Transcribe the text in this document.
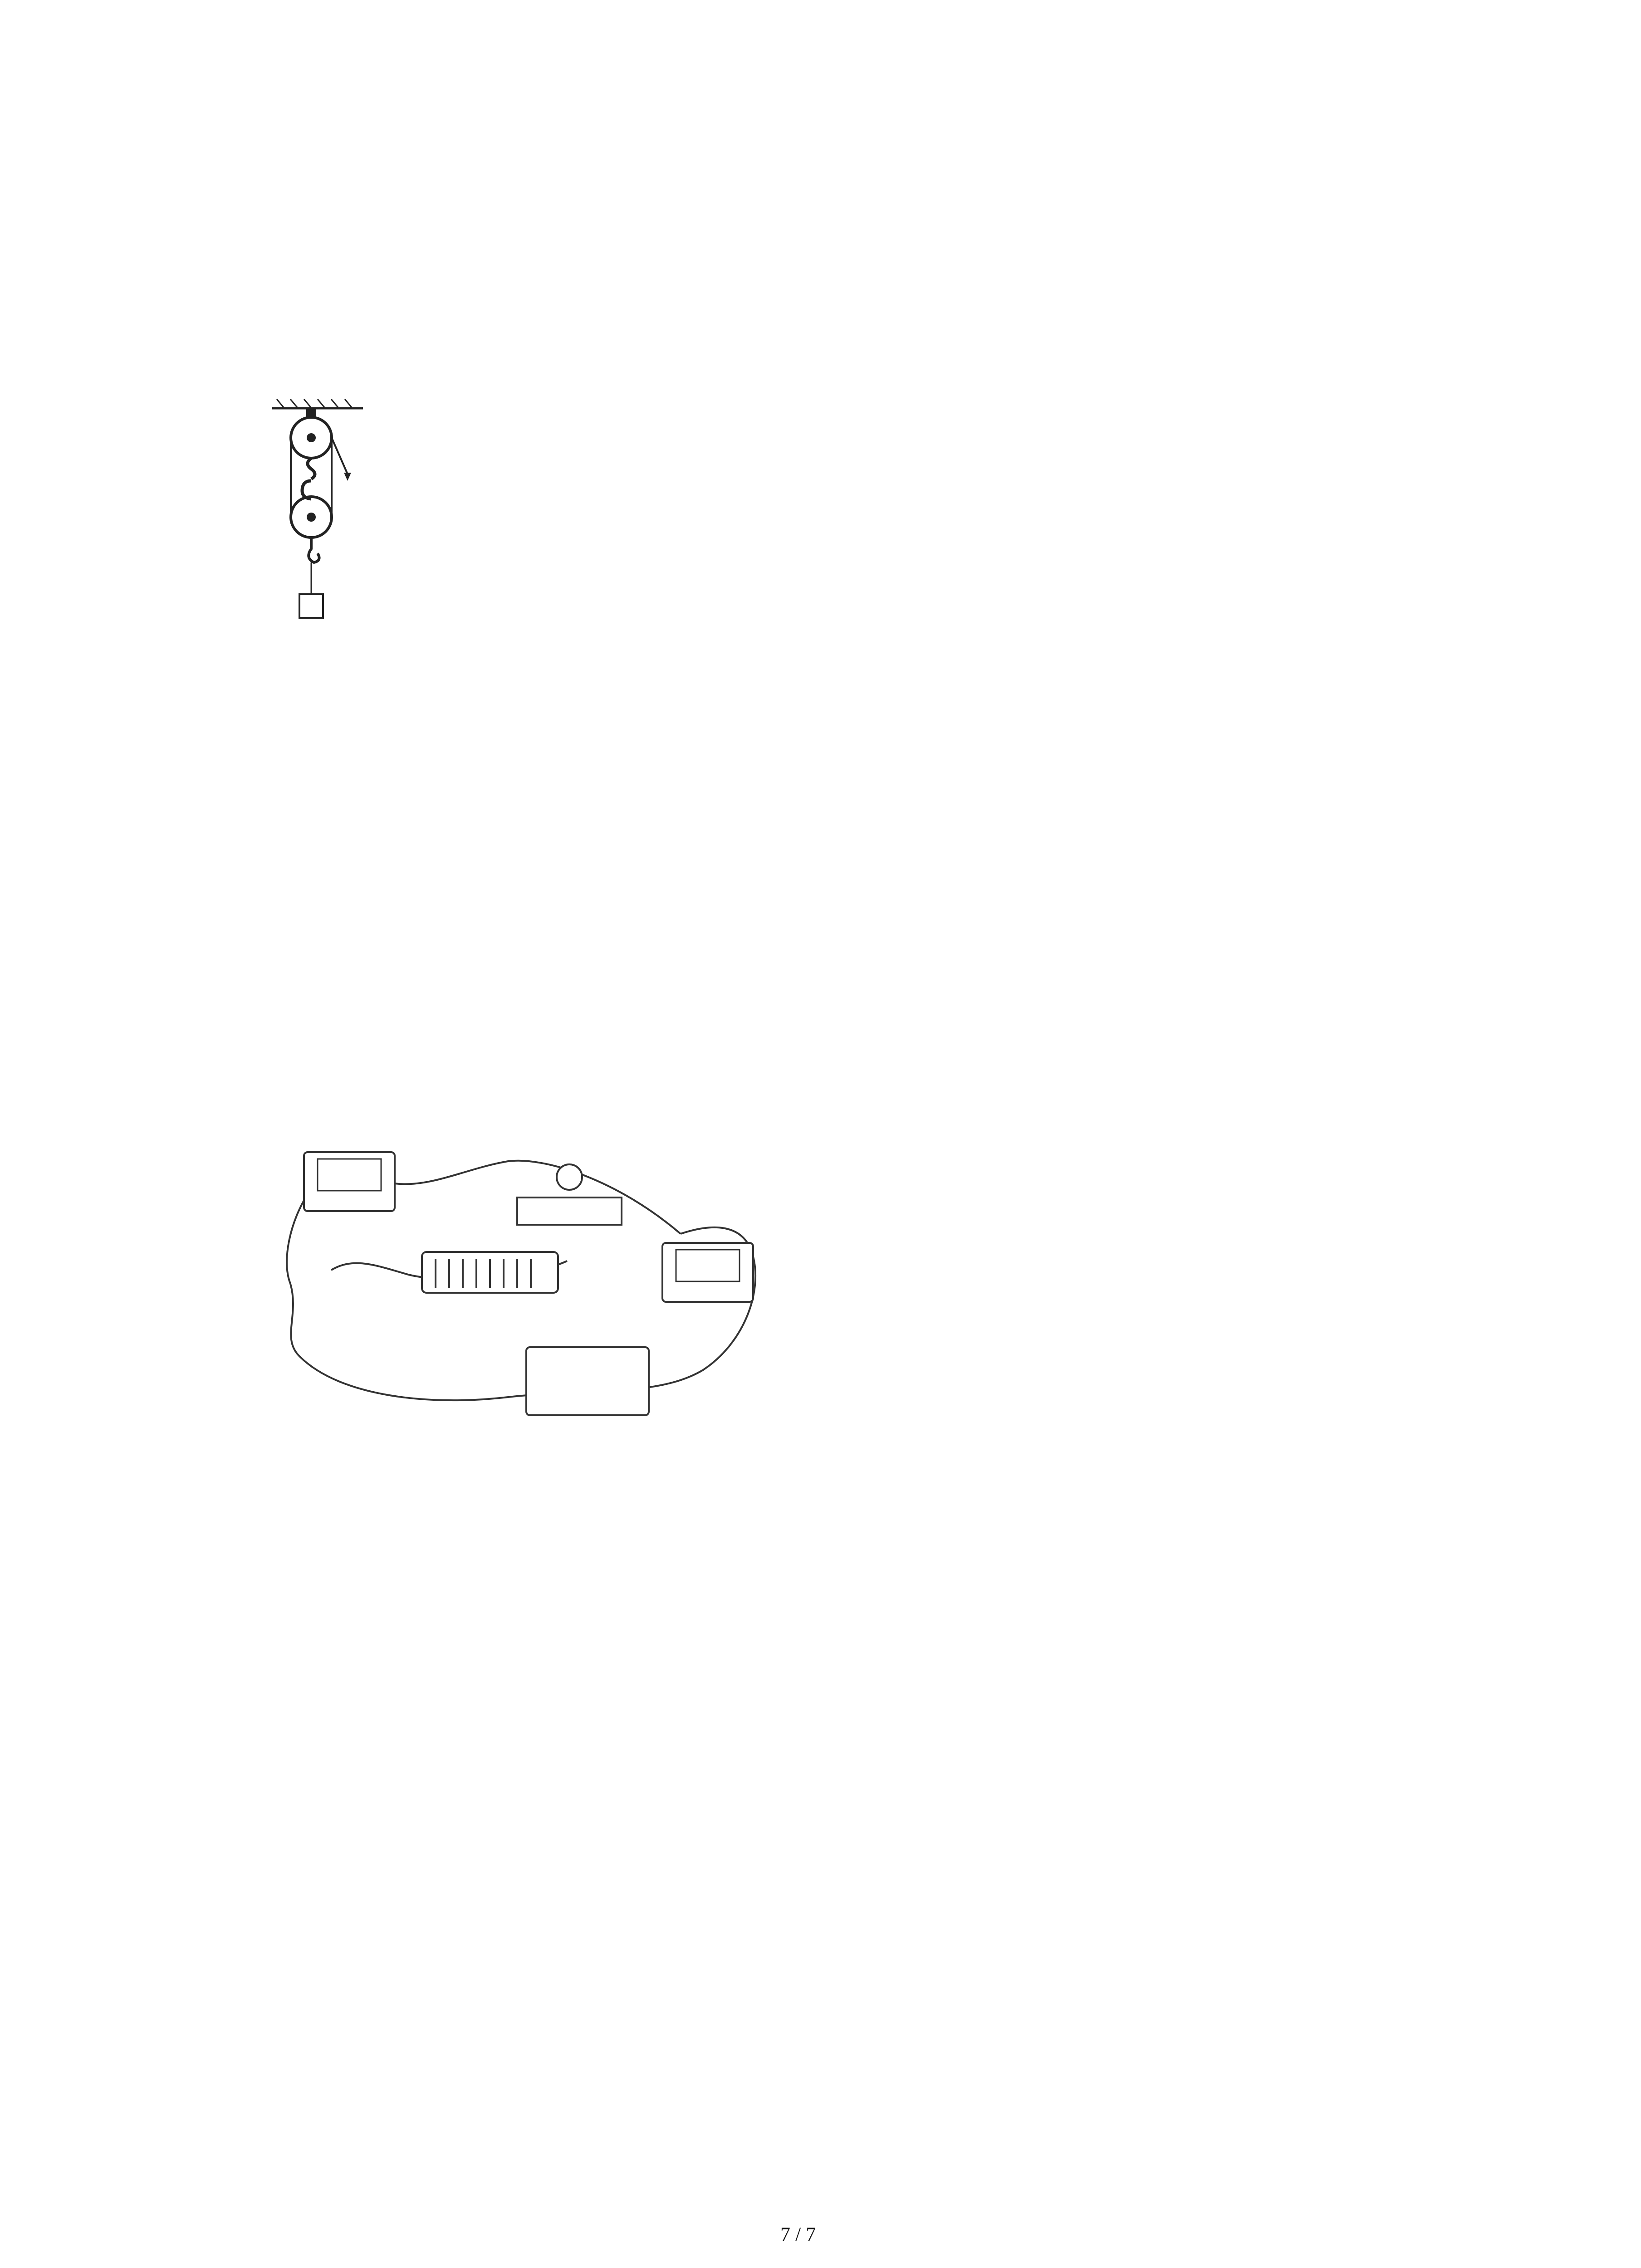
7 / 7
